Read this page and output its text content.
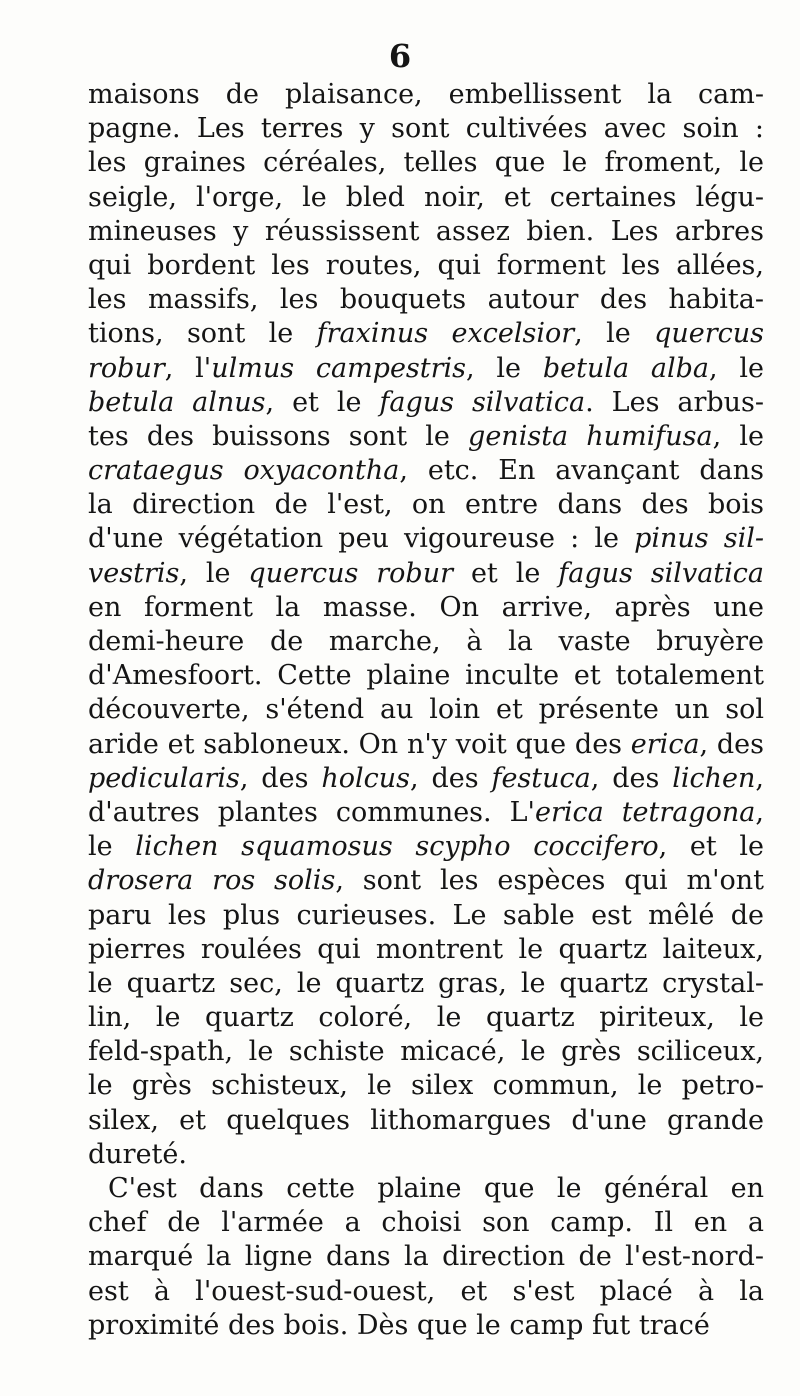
6
maisons de plaisance, embellissent la cam-
pagne. Les terres y sont cultivées avec soin :
les graines céréales, telles que le froment, le
seigle, l'orge, le bled noir, et certaines légu-
mineuses y réussissent assez bien. Les arbres
qui bordent les routes, qui forment les allées,
les massifs, les bouquets autour des habita-
tions, sont le fraxinus excelsior, le quercus
robur, l'ulmus campestris, le betula alba, le
betula alnus, et le fagus silvatica. Les arbus-
tes des buissons sont le genista humifusa, le
crataegus oxyacontha, etc. En avançant dans
la direction de l'est, on entre dans des bois
d'une végétation peu vigoureuse : le pinus sil-
vestris, le quercus robur et le fagus silvatica
en forment la masse. On arrive, après une
demi-heure de marche, à la vaste bruyère
d'Amesfoort. Cette plaine inculte et totalement
découverte, s'étend au loin et présente un sol
aride et sabloneux. On n'y voit que des erica, des
pedicularis, des holcus, des festuca, des lichen,
d'autres plantes communes. L'erica tetragona,
le lichen squamosus scypho coccifero, et le
drosera ros solis, sont les espèces qui m'ont
paru les plus curieuses. Le sable est mêlé de
pierres roulées qui montrent le quartz laiteux,
le quartz sec, le quartz gras, le quartz crystal-
lin, le quartz coloré, le quartz piriteux, le
feld-spath, le schiste micacé, le grès sciliceux,
le grès schisteux, le silex commun, le petro-
silex, et quelques lithomargues d'une grande
dureté.
C'est dans cette plaine que le général en
chef de l'armée a choisi son camp. Il en a
marqué la ligne dans la direction de l'est-nord-
est à l'ouest-sud-ouest, et s'est placé à la
proximité des bois. Dès que le camp fut tracé
